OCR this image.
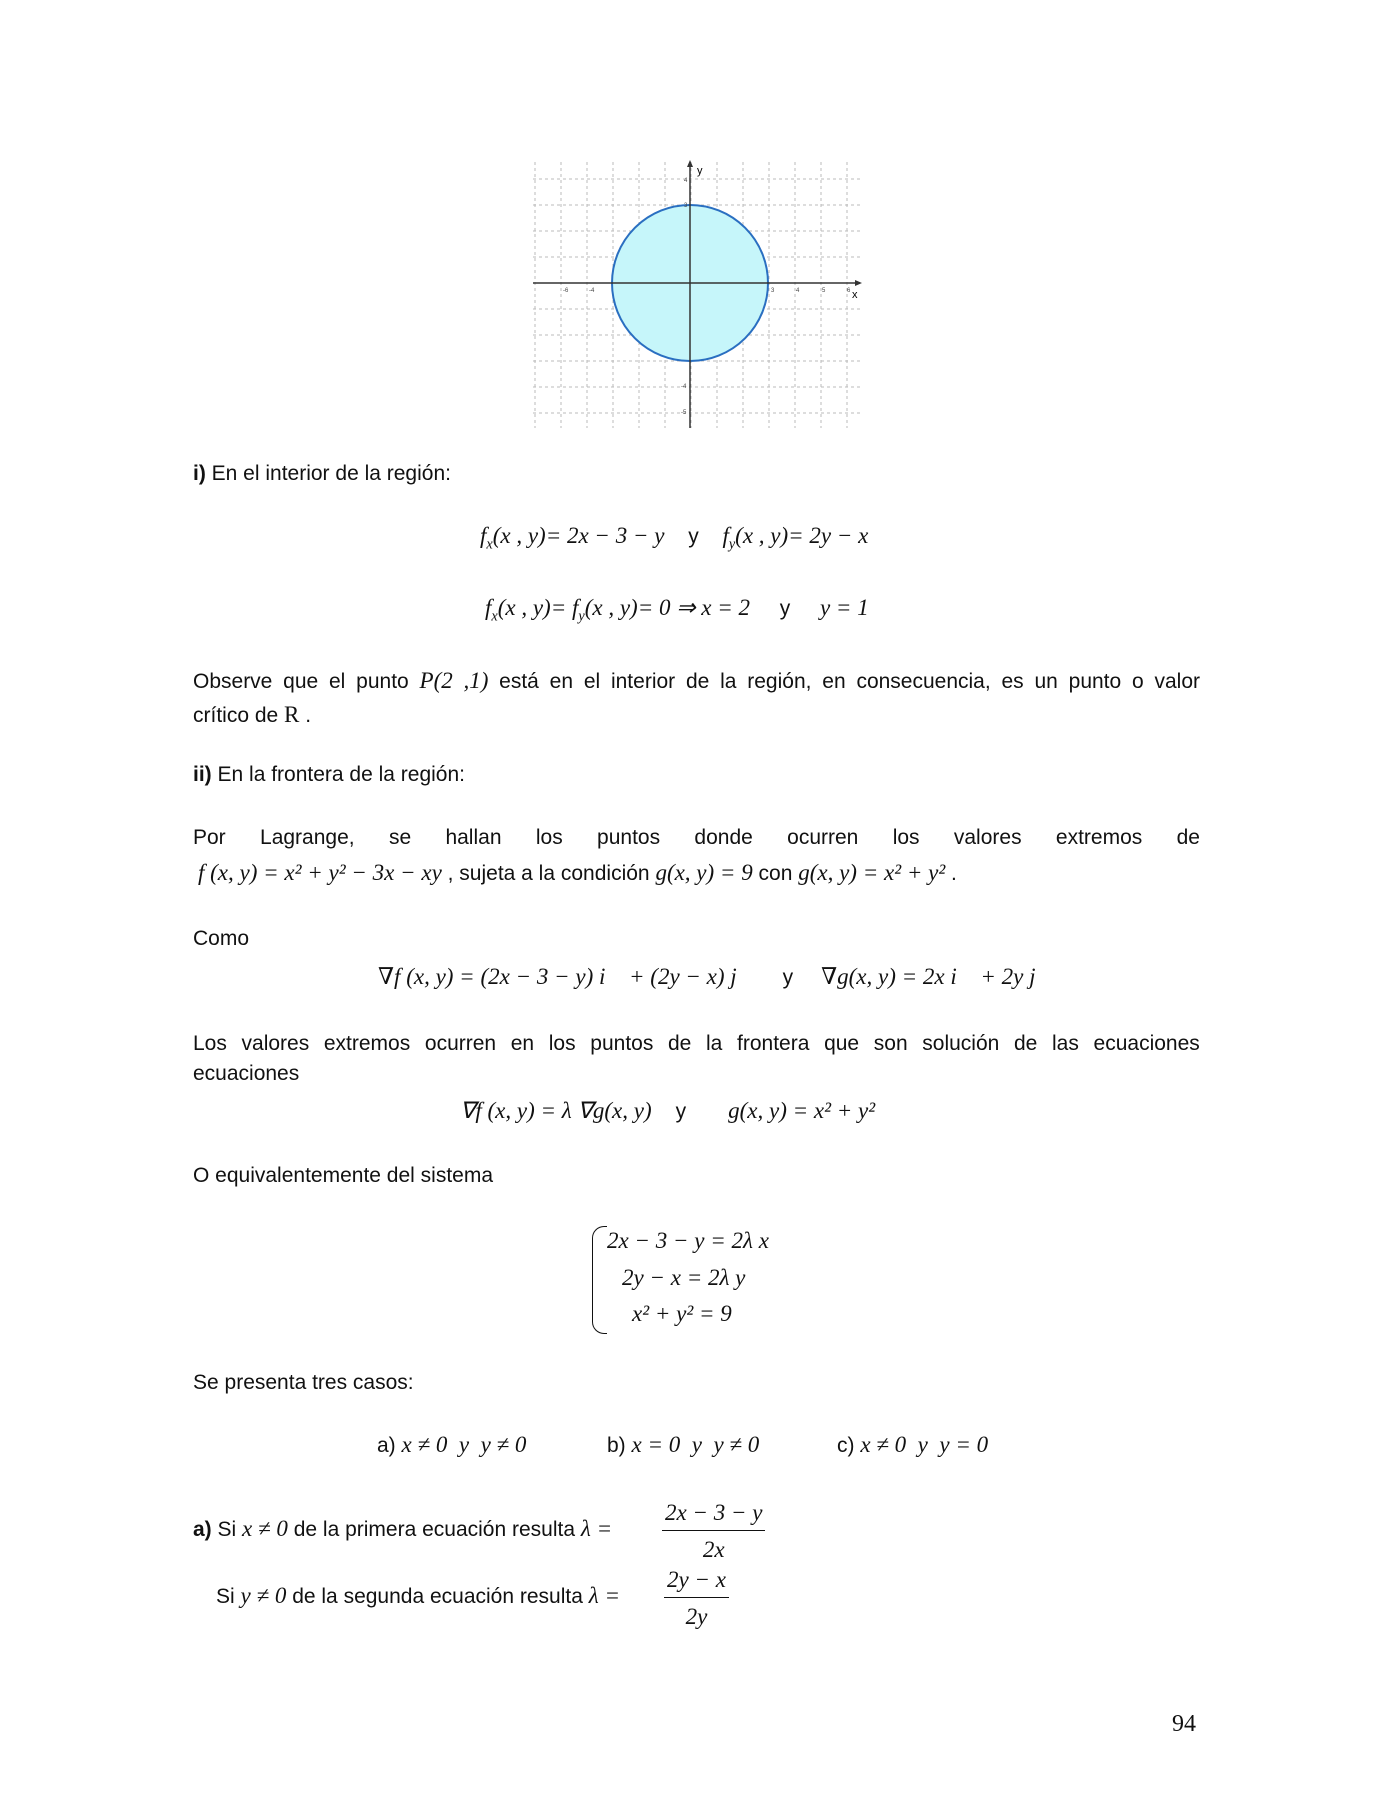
x
y
-6	-4	3	4	5	6
4
3
-4
-5
i) En el interior de la región:
$f_x(x$ , y)= 2x − 3 − y y $f_y(x$ , y)= 2y − x
$f_x(x$ , $y)= f_y(x$ , y)= 0 ⇒ x = 2 y y = 1
Observe que el punto P(2 ,1) está en el interior de la región, en consecuencia, es un punto o valor
crítico de R .
ii) En la frontera de la región:
Por Lagrange, se hallan los puntos donde ocurren los valores extremos de
f (x, y) = x² + y² − 3x − xy , sujeta a la condición g(x, y) = 9 con g(x, y) = x² + y² .
Como
∇f (x, y) = (2x − 3 − y) i⃗ + (2y − x) j⃗ y ∇g(x, y) = 2x i⃗ + 2y j⃗
Los valores extremos ocurren en los puntos de la frontera que son solución de las ecuaciones
ecuaciones
∇f (x, y) = λ ∇g(x, y) y g(x, y) = x² + y²
O equivalentemente del sistema
2x − 3 − y = 2λ x
2y − x = 2λ y
x² + y² = 9
Se presenta tres casos:
a) x ≠ 0  y  y ≠ 0	b) x = 0  y  y ≠ 0	c) x ≠ 0  y  y = 0
a) Si x ≠ 0 de la primera ecuación resulta $\lambda = \frac{2x - 3 - y}{2x}$
Si y ≠ 0 de la segunda ecuación resulta $\lambda = \frac{2y - x}{2y}$
94
